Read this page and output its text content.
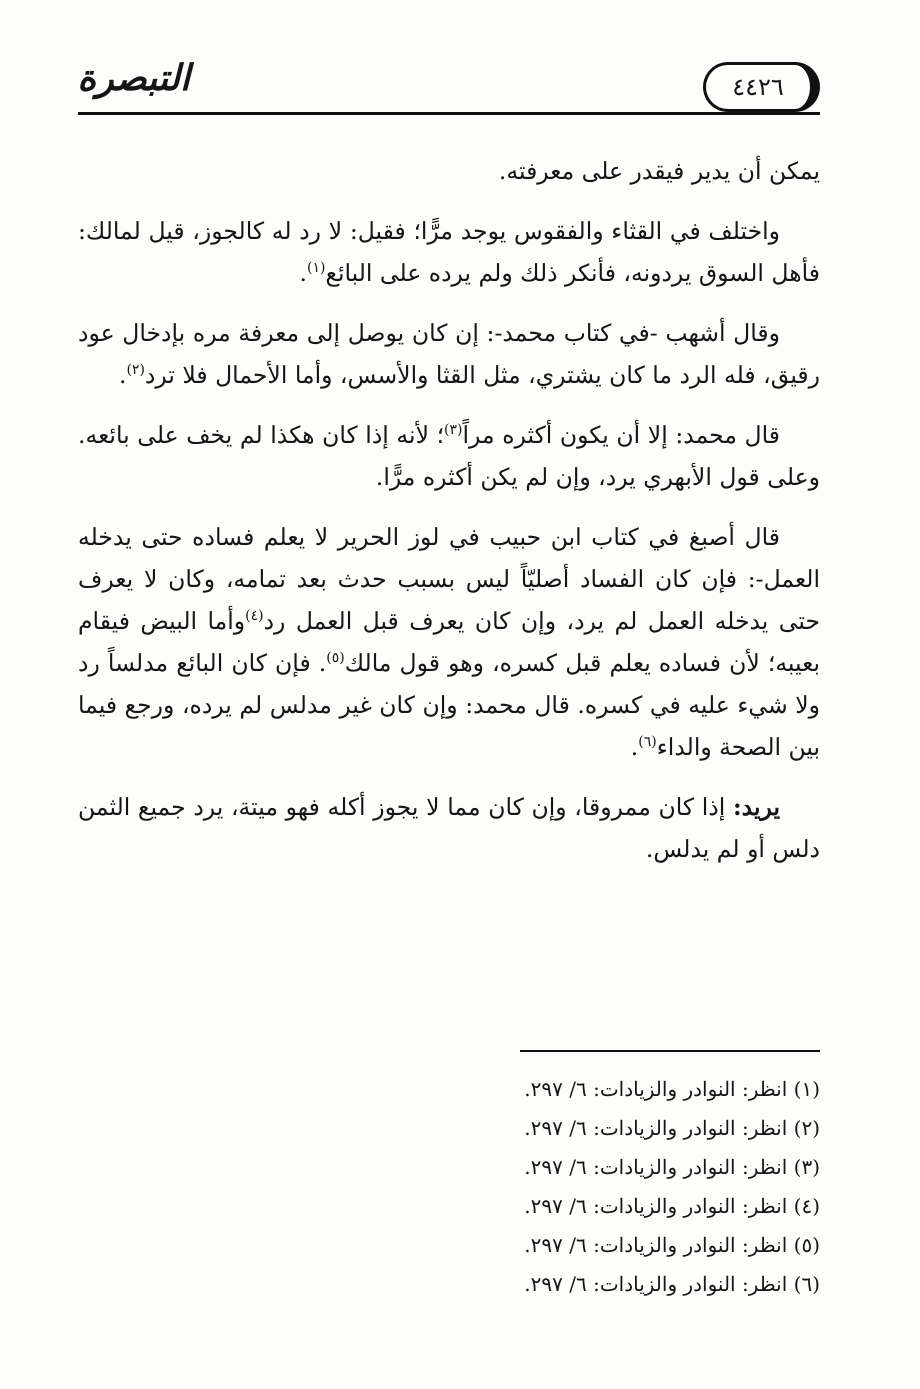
التبصرة	٤٤٢٦

يمكن أن يدير فيقدر على معرفته.

واختلف في القثاء والفقوس يوجد مرًّا؛ فقيل: لا رد له كالجوز، قيل لمالك: فأهل السوق يردونه، فأنكر ذلك ولم يرده على البائع$^{(١)}$.

وقال أشهب -في كتاب محمد-: إن كان يوصل إلى معرفة مره بإدخال عود رقيق، فله الرد ما كان يشتري، مثل القثا والأسس، وأما الأحمال فلا ترد$^{(٢)}$.

قال محمد: إلا أن يكون أكثره مراً$^{(٣)}$؛ لأنه إذا كان هكذا لم يخف على بائعه. وعلى قول الأبهري يرد، وإن لم يكن أكثره مرًّا.

قال أصبغ في كتاب ابن حبيب في لوز الحرير لا يعلم فساده حتى يدخله العمل-: فإن كان الفساد أصليّاً ليس بسبب حدث بعد تمامه، وكان لا يعرف حتى يدخله العمل لم يرد، وإن كان يعرف قبل العمل رد$^{(٤)}$وأما البيض فيقام بعيبه؛ لأن فساده يعلم قبل كسره، وهو قول مالك$^{(٥)}$. فإن كان البائع مدلساً رد ولا شيء عليه في كسره. قال محمد: وإن كان غير مدلس لم يرده، ورجع فيما بين الصحة والداء$^{(٦)}$.

يريد: إذا كان ممروقا، وإن كان مما لا يجوز أكله فهو ميتة، يرد جميع الثمن دلس أو لم يدلس.

(١) انظر: النوادر والزيادات: ٦/ ٢٩٧.
(٢) انظر: النوادر والزيادات: ٦/ ٢٩٧.
(٣) انظر: النوادر والزيادات: ٦/ ٢٩٧.
(٤) انظر: النوادر والزيادات: ٦/ ٢٩٧.
(٥) انظر: النوادر والزيادات: ٦/ ٢٩٧.
(٦) انظر: النوادر والزيادات: ٦/ ٢٩٧.
